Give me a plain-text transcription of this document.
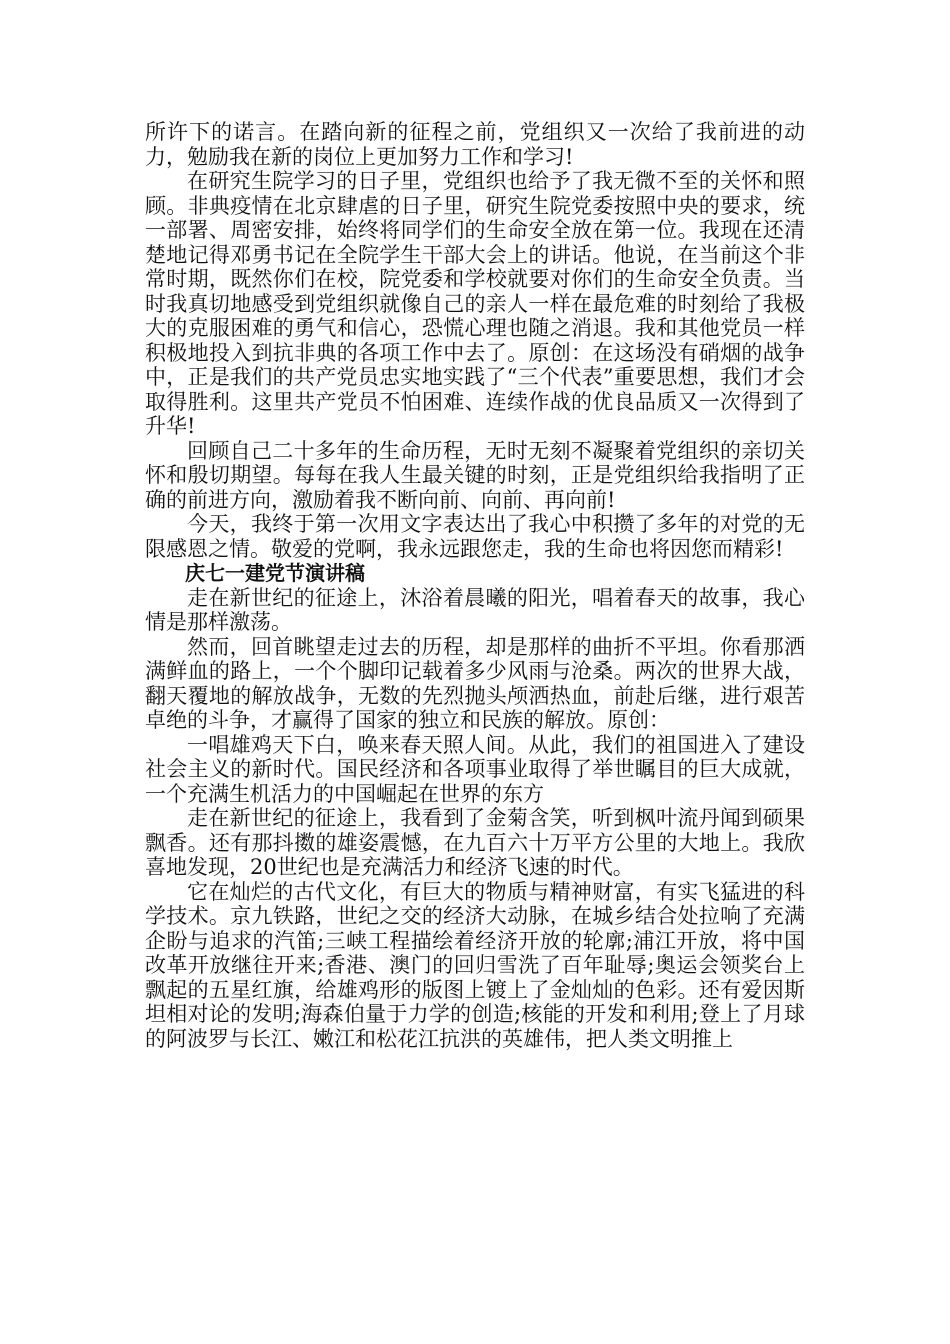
所许下的诺言。在踏向新的征程之前，党组织又一次给了我前进的动力，勉励我在新的岗位上更加努力工作和学习!

在研究生院学习的日子里，党组织也给予了我无微不至的关怀和照顾。非典疫情在北京肆虐的日子里，研究生院党委按照中央的要求，统一部署、周密安排，始终将同学们的生命安全放在第一位。我现在还清楚地记得邓勇书记在全院学生干部大会上的讲话。他说，在当前这个非常时期，既然你们在校，院党委和学校就要对你们的生命安全负责。当时我真切地感受到党组织就像自己的亲人一样在最危难的时刻给了我极大的克服困难的勇气和信心，恐慌心理也随之消退。我和其他党员一样积极地投入到抗非典的各项工作中去了。原创：在这场没有硝烟的战争中，正是我们的共产党员忠实地实践了“三个代表”重要思想，我们才会取得胜利。这里共产党员不怕困难、连续作战的优良品质又一次得到了升华!

回顾自己二十多年的生命历程，无时无刻不凝聚着党组织的亲切关怀和殷切期望。每每在我人生最关键的时刻，正是党组织给我指明了正确的前进方向，激励着我不断向前、向前、再向前!

今天，我终于第一次用文字表达出了我心中积攒了多年的对党的无限感恩之情。敬爱的党啊，我永远跟您走，我的生命也将因您而精彩!

庆七一建党节演讲稿

走在新世纪的征途上，沐浴着晨曦的阳光，唱着春天的故事，我心情是那样激荡。

然而，回首眺望走过去的历程，却是那样的曲折不平坦。你看那洒满鲜血的路上，一个个脚印记载着多少风雨与沧桑。两次的世界大战，翻天覆地的解放战争，无数的先烈抛头颅洒热血，前赴后继，进行艰苦卓绝的斗争，才赢得了国家的独立和民族的解放。原创：

一唱雄鸡天下白，唤来春天照人间。从此，我们的祖国进入了建设社会主义的新时代。国民经济和各项事业取得了举世瞩目的巨大成就，一个充满生机活力的中国崛起在世界的东方

走在新世纪的征途上，我看到了金菊含笑，听到枫叶流丹闻到硕果飘香。还有那抖擞的雄姿震憾，在九百六十万平方公里的大地上。我欣喜地发现，20世纪也是充满活力和经济飞速的时代。

它在灿烂的古代文化，有巨大的物质与精神财富，有实飞猛进的科学技术。京九铁路，世纪之交的经济大动脉，在城乡结合处拉响了充满企盼与追求的汽笛;三峡工程描绘着经济开放的轮廓;浦江开放，将中国改革开放继往开来;香港、澳门的回归雪洗了百年耻辱;奥运会领奖台上飘起的五星红旗，给雄鸡形的版图上镀上了金灿灿的色彩。还有爱因斯坦相对论的发明;海森伯量于力学的创造;核能的开发和利用;登上了月球的阿波罗与长江、嫩江和松花江抗洪的英雄伟，把人类文明推上
